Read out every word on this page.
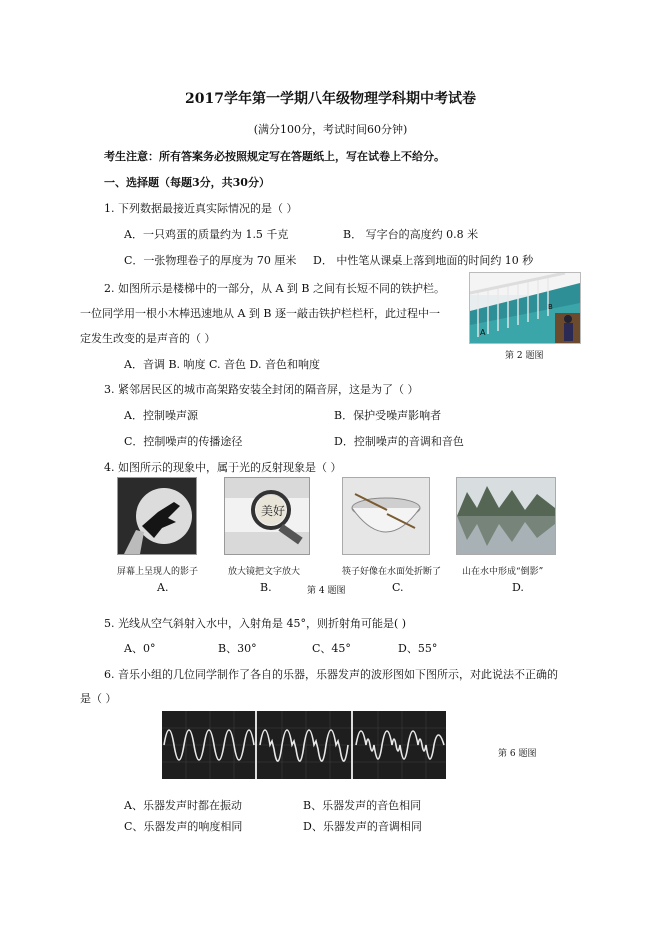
2017学年第一学期八年级物理学科期中考试卷
(满分100分，考试时间60分钟)
考生注意：所有答案务必按照规定写在答题纸上，写在试卷上不给分。
一、选择题（每题3分，共30分）
1. 下列数据最接近真实际情况的是（ ）
A．一只鸡蛋的质量约为 1.5 千克	B． 写字台的高度约 0.8 米
C．一张物理卷子的厚度为 70 厘米 D． 中性笔从课桌上落到地面的时间约 10 秒
2. 如图所示是楼梯中的一部分，从 A 到 B 之间有长短不同的铁护栏。
一位同学用一根小木棒迅速地从 A 到 B 逐一敲击铁护栏栏杆，此过程中一
定发生改变的是声音的（ ）
A．音调 B. 响度 C. 音色 D. 音色和响度
A
B
第 2 题图
3. 紧邻居民区的城市高架路安装全封闭的隔音屏，这是为了（ ）
A．控制噪声源	B．保护受噪声影响者
C．控制噪声的传播途径	D．控制噪声的音调和音色
4. 如图所示的现象中，属于光的反射现象是（ ）
美好
屏幕上呈现人的影子	放大镜把文字放大	筷子好像在水面处折断了 山在水中形成“倒影”
A.	B.	第 4 题图	C.	D.
5. 光线从空气斜射入水中，入射角是 45°，则折射角可能是( )
A、0°	B、30°	C、45°	D、55°
6. 音乐小组的几位同学制作了各自的乐器，乐器发声的波形图如下图所示，对此说法不正确的
是（ ）
第 6 题图
A、乐器发声时都在振动	B、乐器发声的音色相同
C、乐器发声的响度相同	D、乐器发声的音调相同
